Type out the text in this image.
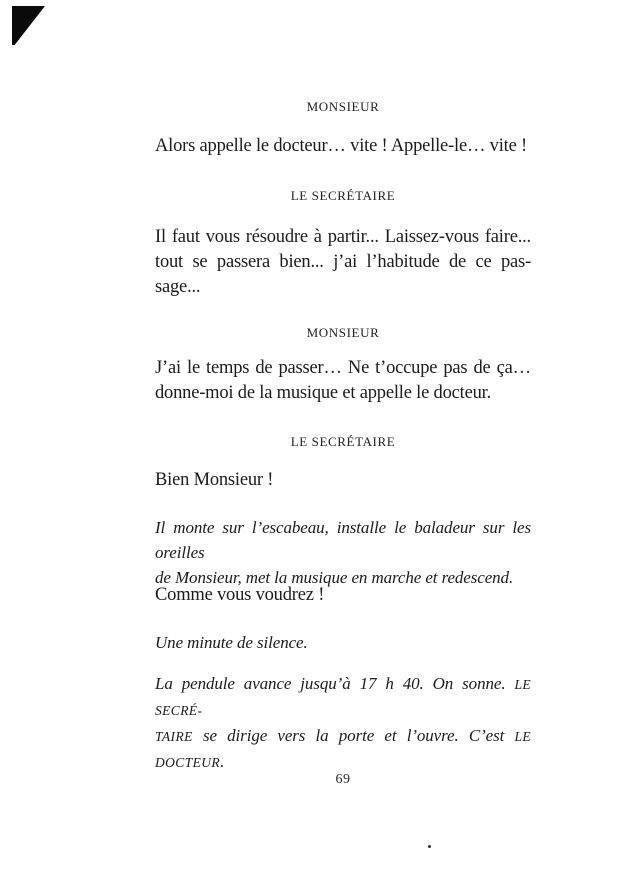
MONSIEUR
Alors appelle le docteur… vite ! Appelle-le… vite !
LE SECRÉTAIRE
Il faut vous résoudre à partir... Laissez-vous faire...
tout se passera bien... j’ai l’habitude de ce pas-
sage...
MONSIEUR
J’ai le temps de passer… Ne t’occupe pas de ça…
donne-moi de la musique et appelle le docteur.
LE SECRÉTAIRE
Bien Monsieur !
Il monte sur l’escabeau, installe le baladeur sur les oreilles
de Monsieur, met la musique en marche et redescend.
Comme vous voudrez !
Une minute de silence.
La pendule avance jusqu’à 17 h 40. On sonne. LE SECRÉ-
TAIRE se dirige vers la porte et l’ouvre. C’est LE DOCTEUR.
69
